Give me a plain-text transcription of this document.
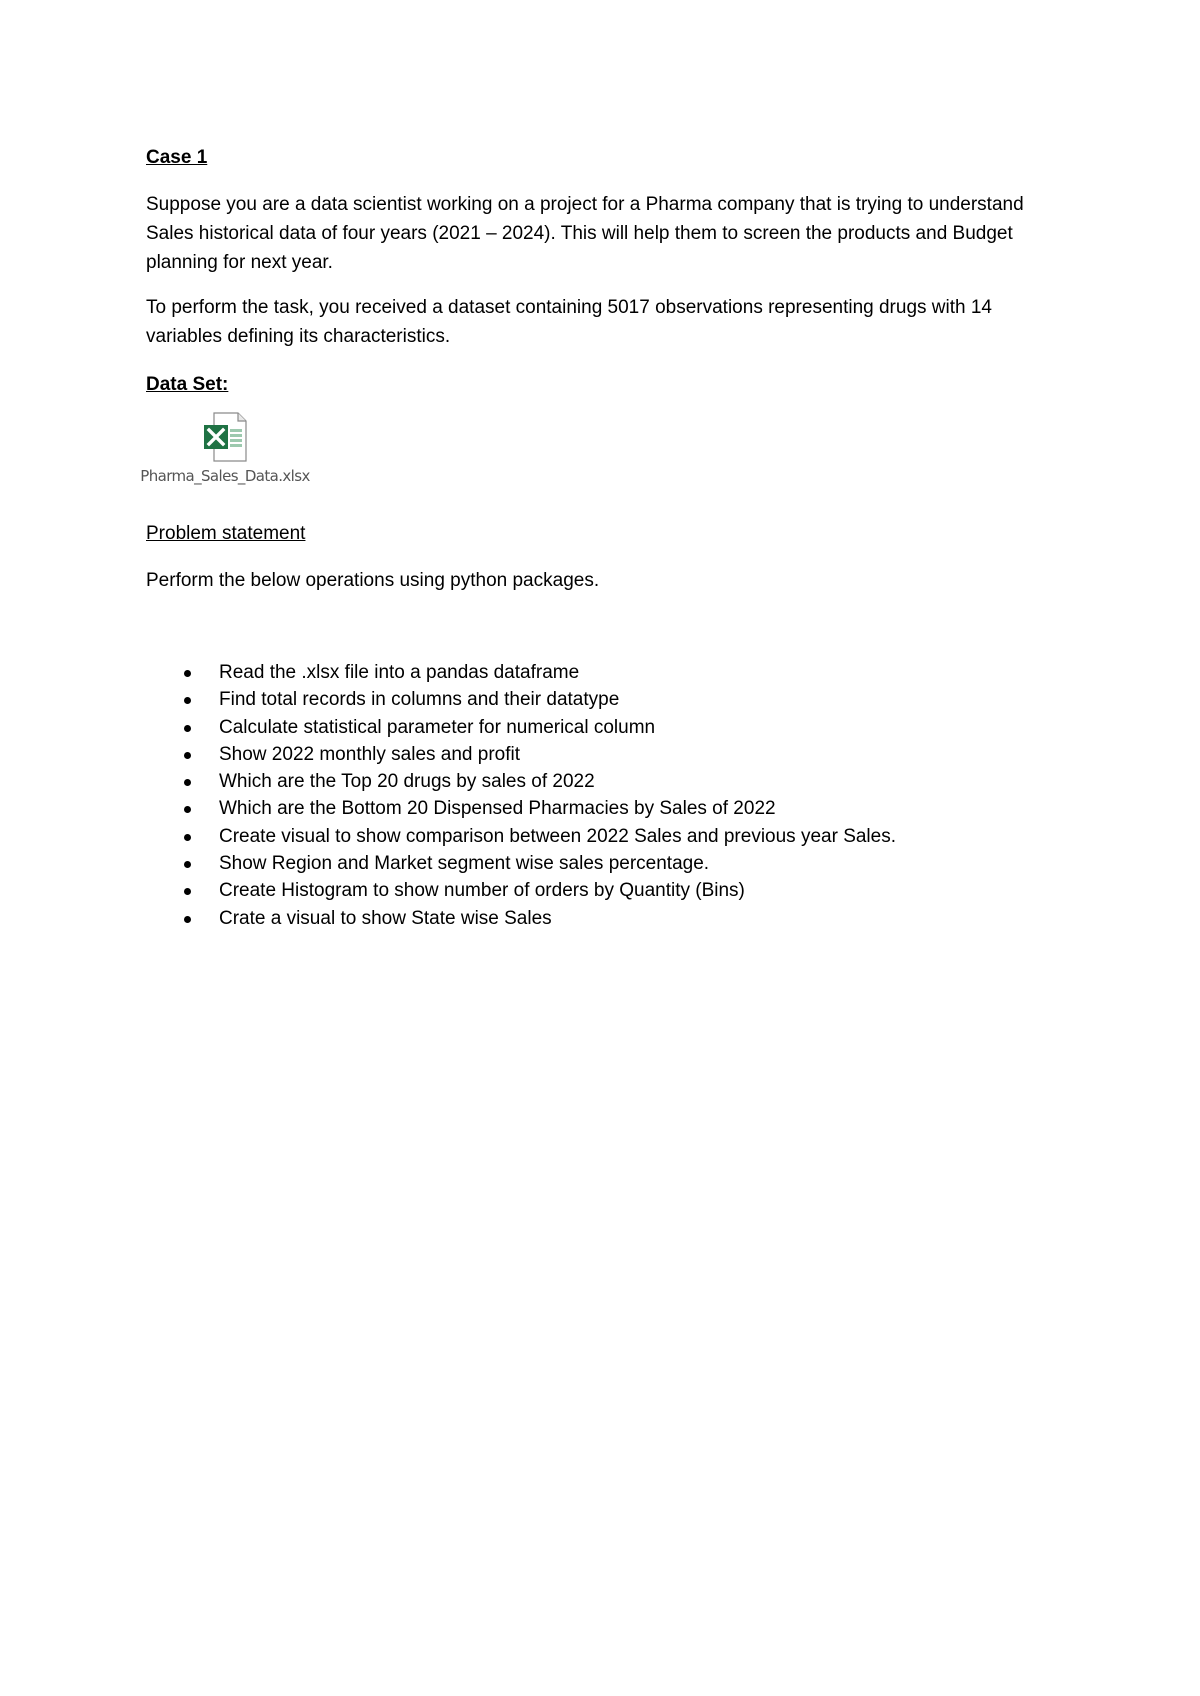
Case 1

Suppose you are a data scientist working on a project for a Pharma company that is trying to understand Sales historical data of four years (2021 – 2024). This will help them to screen the products and Budget planning for next year.

To perform the task, you received a dataset containing 5017 observations representing drugs with 14 variables defining its characteristics.

Data Set:
Pharma_Sales_Data.xlsx
Problem statement

Perform the below operations using python packages.

Read the .xlsx file into a pandas dataframe
Find total records in columns and their datatype
Calculate statistical parameter for numerical column
Show 2022 monthly sales and profit
Which are the Top 20 drugs by sales of 2022
Which are the Bottom 20 Dispensed Pharmacies by Sales of 2022
Create visual to show comparison between 2022 Sales and previous year Sales.
Show Region and Market segment wise sales percentage.
Create Histogram to show number of orders by Quantity (Bins)
Crate a visual to show State wise Sales
